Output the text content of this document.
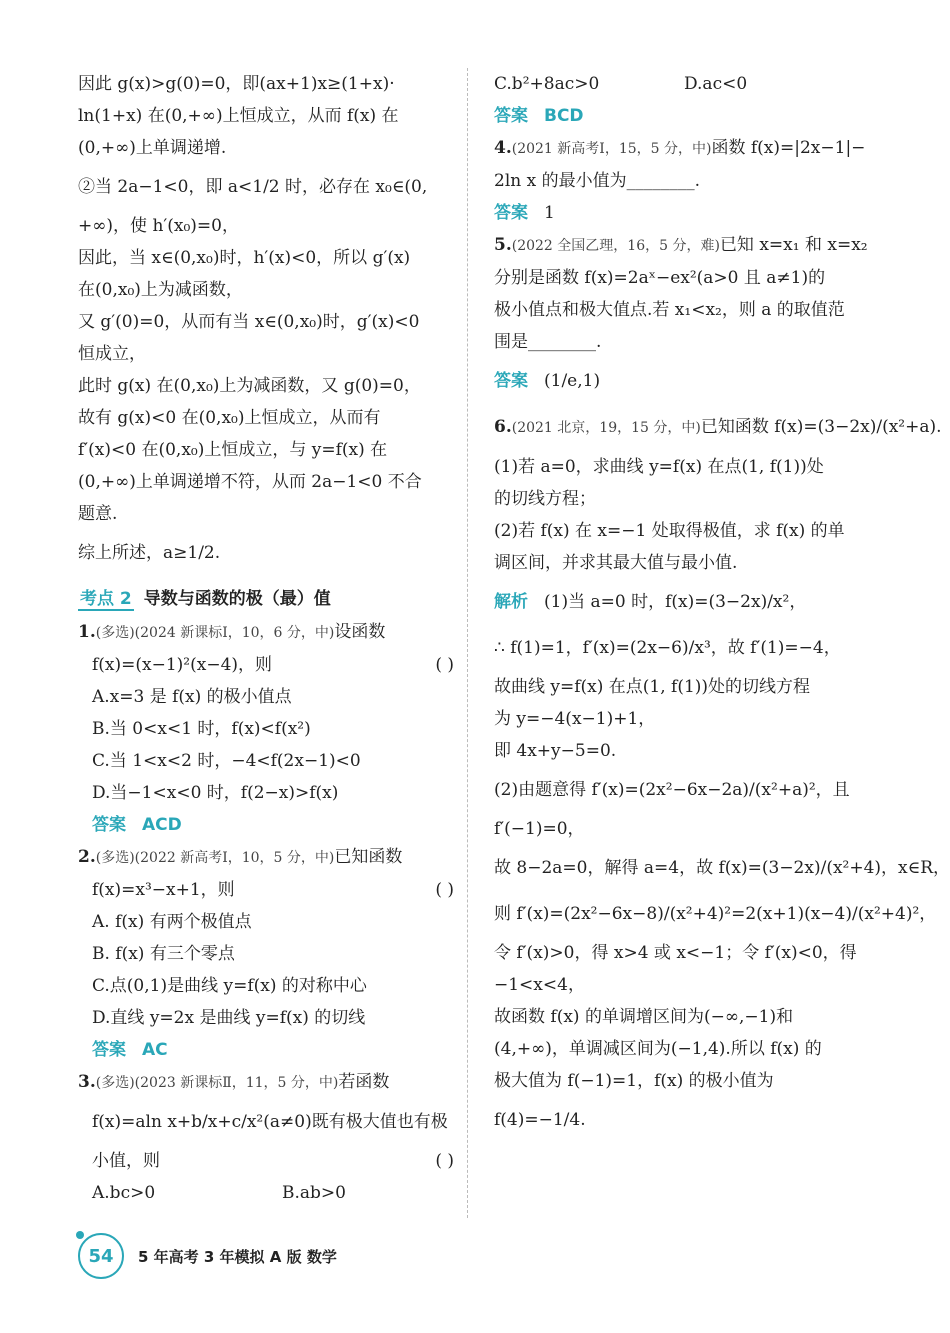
因此 g(x)>g(0)=0，即(ax+1)x≥(1+x)·
ln(1+x) 在(0,+∞)上恒成立，从而 f(x) 在
(0,+∞)上单调递增.
②当 2a−1<0，即 a<1/2 时，必存在 x₀∈(0,
+∞)，使 h′(x₀)=0，
因此，当 x∈(0,x₀)时，h′(x)<0，所以 g′(x)
在(0,x₀)上为减函数，
又 g′(0)=0，从而有当 x∈(0,x₀)时，g′(x)<0
恒成立，
此时 g(x) 在(0,x₀)上为减函数，又 g(0)=0，
故有 g(x)<0 在(0,x₀)上恒成立，从而有
f′(x)<0 在(0,x₀)上恒成立，与 y=f(x) 在
(0,+∞)上单调递增不符，从而 2a−1<0 不合
题意.
综上所述，a≥1/2.
考点 2 导数与函数的极（最）值
1.(多选)(2024 新课标Ⅰ，10，6 分，中)设函数
f(x)=(x−1)²(x−4)，则	( )
A.x=3 是 f(x) 的极小值点
B.当 0<x<1 时，f(x)<f(x²)
C.当 1<x<2 时，−4<f(2x−1)<0
D.当−1<x<0 时，f(2−x)>f(x)
答案 ACD
2.(多选)(2022 新高考Ⅰ，10，5 分，中)已知函数
f(x)=x³−x+1，则	( )
A. f(x) 有两个极值点
B. f(x) 有三个零点
C.点(0,1)是曲线 y=f(x) 的对称中心
D.直线 y=2x 是曲线 y=f(x) 的切线
答案 AC
3.(多选)(2023 新课标Ⅱ，11，5 分，中)若函数
f(x)=aln x+b/x+c/x²(a≠0)既有极大值也有极
小值，则	( )
A.bc>0	B.ab>0
C.b²+8ac>0	D.ac<0
答案 BCD
4.(2021 新高考Ⅰ，15，5 分，中)函数 f(x)=|2x−1|−
2ln x 的最小值为________.
答案 1
5.(2022 全国乙理，16，5 分，难)已知 x=x₁ 和 x=x₂
分别是函数 f(x)=2aˣ−ex²(a>0 且 a≠1)的
极小值点和极大值点.若 x₁<x₂，则 a 的取值范
围是________.
答案 (1/e,1)
6.(2021 北京，19，15 分，中)已知函数 f(x)=(3−2x)/(x²+a).
(1)若 a=0，求曲线 y=f(x) 在点(1, f(1))处
的切线方程；
(2)若 f(x) 在 x=−1 处取得极值，求 f(x) 的单
调区间，并求其最大值与最小值.
解析 (1)当 a=0 时，f(x)=(3−2x)/x²，
∴ f(1)=1，f′(x)=(2x−6)/x³，故 f′(1)=−4，
故曲线 y=f(x) 在点(1, f(1))处的切线方程
为 y=−4(x−1)+1，
即 4x+y−5=0.
(2)由题意得 f′(x)=(2x²−6x−2a)/(x²+a)²，且
f′(−1)=0，
故 8−2a=0，解得 a=4，故 f(x)=(3−2x)/(x²+4)，x∈R，
则 f′(x)=(2x²−6x−8)/(x²+4)²=2(x+1)(x−4)/(x²+4)²，
令 f′(x)>0，得 x>4 或 x<−1；令 f′(x)<0，得
−1<x<4，
故函数 f(x) 的单调增区间为(−∞,−1)和
(4,+∞)，单调减区间为(−1,4).所以 f(x) 的
极大值为 f(−1)=1，f(x) 的极小值为
f(4)=−1/4.
54	5 年高考 3 年模拟 A 版 数学
